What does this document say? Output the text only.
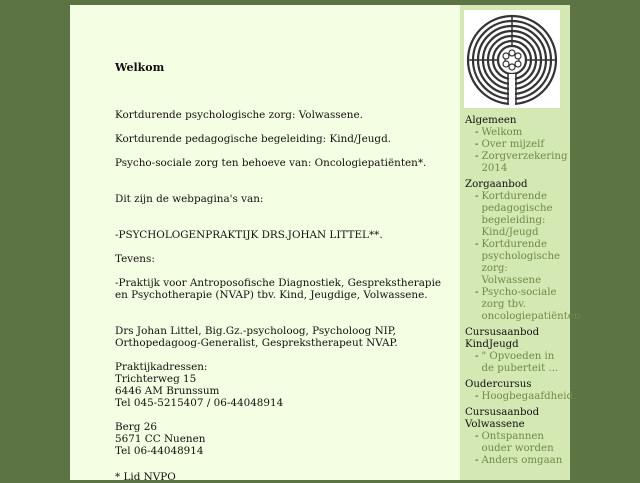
Welkom

Kortdurende psychologische zorg: Volwassene.

Kortdurende pedagogische begeleiding: Kind/Jeugd.

Psycho-sociale zorg ten behoeve van: Oncologiepatiënten*.

Dit zijn de webpagina's van:

-PSYCHOLOGENPRAKTIJK DRS.JOHAN LITTEL**.

Tevens:

-Praktijk voor Antroposofische Diagnostiek, Gesprekstherapie en Psychotherapie (NVAP) tbv. Kind, Jeugdige, Volwassene.

Drs Johan Littel, Big.Gz.-psycholoog, Psycholoog NIP, Orthopedagoog-Generalist, Gesprekstherapeut NVAP.

Praktijkadressen:
Trichterweg 15
6446 AM Brunssum
Tel 045-5215407 / 06-44048914

Berg 26
5671 CC Nuenen
Tel 06-44048914

* Lid NVPO

Algemeen

- Welkom
- Over mijzelf
- Zorgverzekering 2014

Zorgaanbod

- Kortdurende pedagogische begeleiding: Kind/Jeugd
- Kortdurende psychologische zorg: Volwassene
- Psycho-sociale zorg tbv. oncologiepatiënten

Cursusaanbod KindJeugd

- " Opvoeden in de puberteit ...

Oudercursus

- Hoogbegaafdheid.

Cursusaanbod Volwassene

- Ontspannen ouder worden
- Anders omgaan
